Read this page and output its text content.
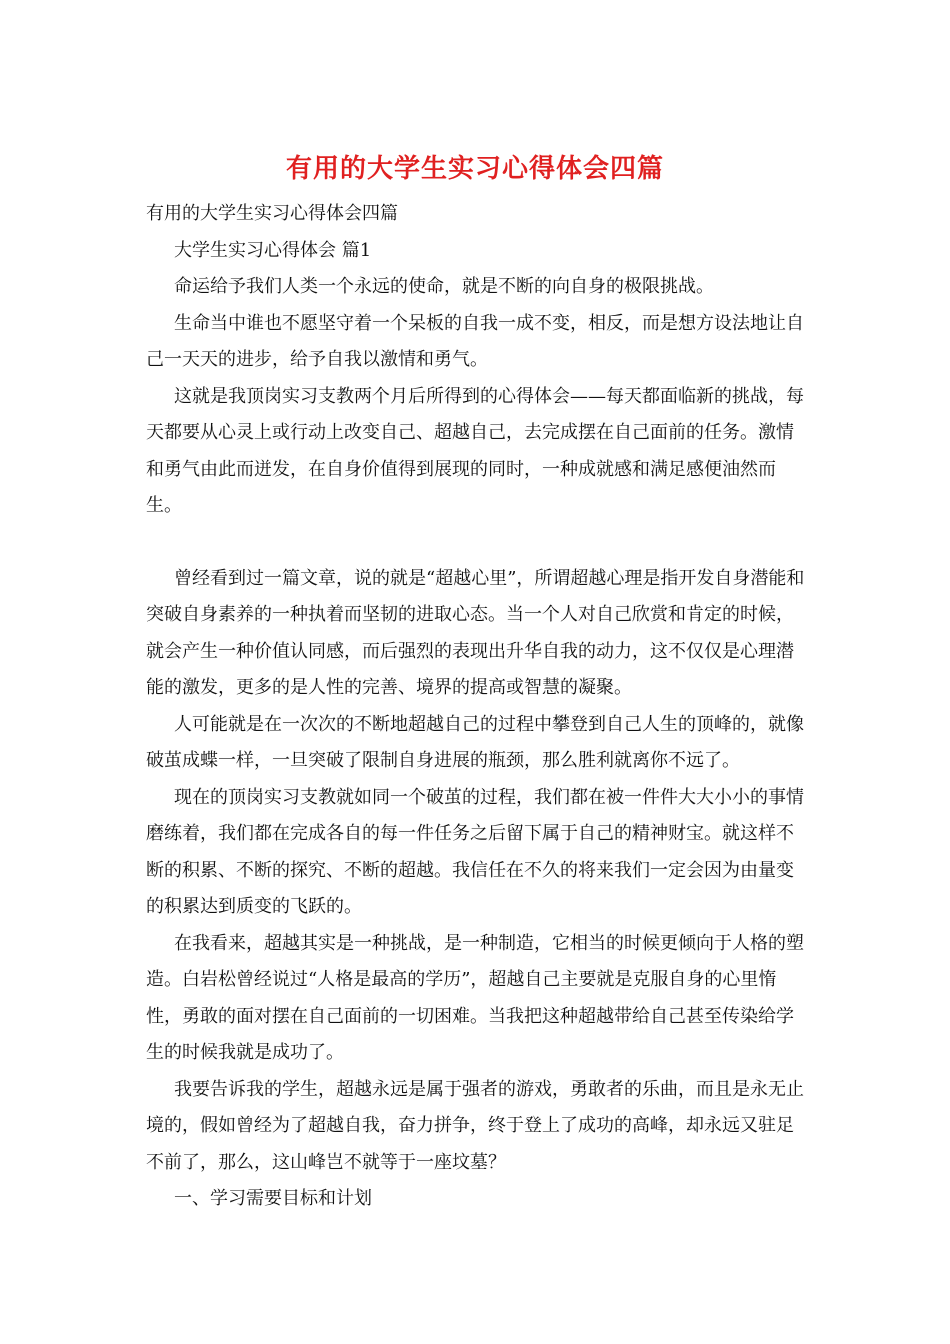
有用的大学生实习心得体会四篇

有用的大学生实习心得体会四篇

大学生实习心得体会 篇1

命运给予我们人类一个永远的使命，就是不断的向自身的极限挑战。

生命当中谁也不愿坚守着一个呆板的自我一成不变，相反，而是想方设法地让自己一天天的进步，给予自我以激情和勇气。

这就是我顶岗实习支教两个月后所得到的心得体会——每天都面临新的挑战，每天都要从心灵上或行动上改变自己、超越自己，去完成摆在自己面前的任务。激情和勇气由此而迸发，在自身价值得到展现的同时，一种成就感和满足感便油然而生。

曾经看到过一篇文章，说的就是“超越心里”，所谓超越心理是指开发自身潜能和突破自身素养的一种执着而坚韧的进取心态。当一个人对自己欣赏和肯定的时候，就会产生一种价值认同感，而后强烈的表现出升华自我的动力，这不仅仅是心理潜能的激发，更多的是人性的完善、境界的提高或智慧的凝聚。

人可能就是在一次次的不断地超越自己的过程中攀登到自己人生的顶峰的，就像破茧成蝶一样，一旦突破了限制自身进展的瓶颈，那么胜利就离你不远了。

现在的顶岗实习支教就如同一个破茧的过程，我们都在被一件件大大小小的事情磨练着，我们都在完成各自的每一件任务之后留下属于自己的精神财宝。就这样不断的积累、不断的探究、不断的超越。我信任在不久的将来我们一定会因为由量变的积累达到质变的飞跃的。

在我看来，超越其实是一种挑战，是一种制造，它相当的时候更倾向于人格的塑造。白岩松曾经说过“人格是最高的学历”，超越自己主要就是克服自身的心里惰性，勇敢的面对摆在自己面前的一切困难。当我把这种超越带给自己甚至传染给学生的时候我就是成功了。

我要告诉我的学生，超越永远是属于强者的游戏，勇敢者的乐曲，而且是永无止境的，假如曾经为了超越自我，奋力拼争，终于登上了成功的高峰，却永远又驻足不前了，那么，这山峰岂不就等于一座坟墓？

一、学习需要目标和计划
